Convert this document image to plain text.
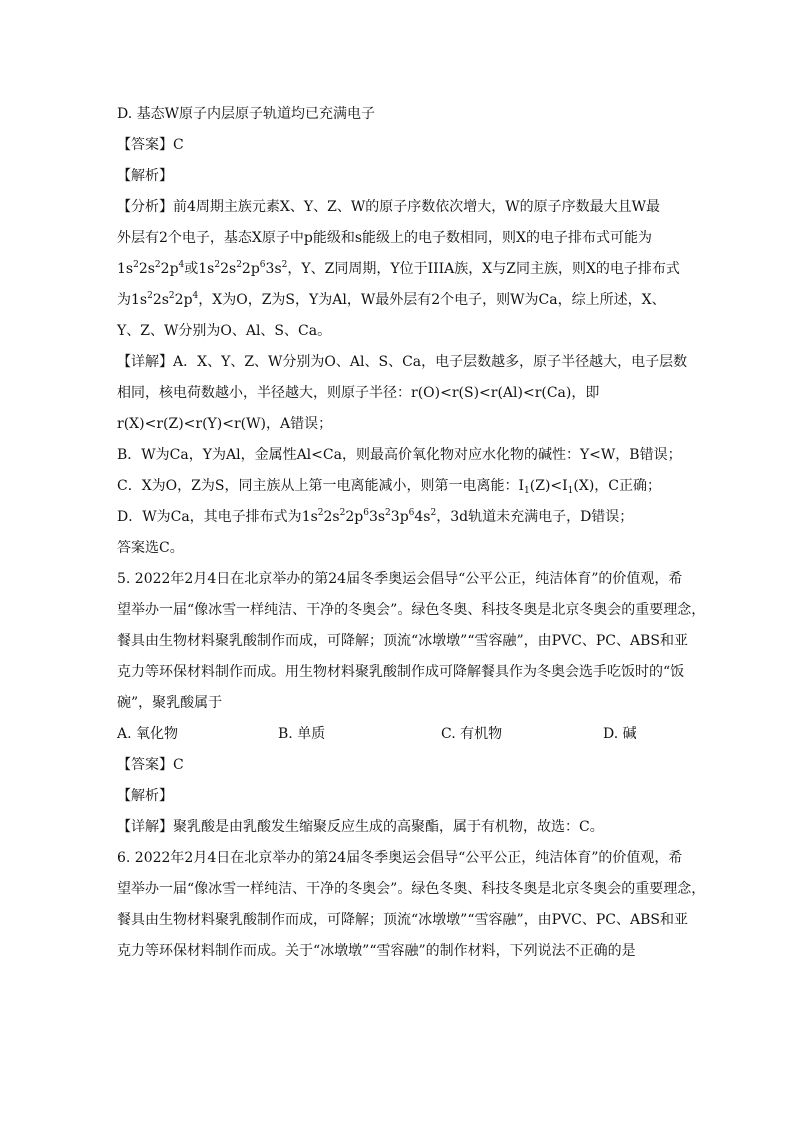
D. 基态W原子内层原子轨道均已充满电子
【答案】C
【解析】
【分析】前4周期主族元素X、Y、Z、W的原子序数依次增大，W的原子序数最大且W最
外层有2个电子，基态X原子中p能级和s能级上的电子数相同，则X的电子排布式可能为
$1s^22s^22p^4$或$1s^22s^22p^63s^2$，Y、Z同周期，Y位于IIIA族，X与Z同主族，则X的电子排布式
为$1s^22s^22p^4$，X为O，Z为S，Y为Al，W最外层有2个电子，则W为Ca，综上所述，X、
Y、Z、W分别为O、Al、S、Ca。
【详解】A．X、Y、Z、W分别为O、Al、S、Ca，电子层数越多，原子半径越大，电子层数
相同，核电荷数越小，半径越大，则原子半径：r(O)<r(S)<r(Al)<r(Ca)，即
r(X)<r(Z)<r(Y)<r(W)，A错误；
B．W为Ca，Y为Al，金属性Al<Ca，则最高价氧化物对应水化物的碱性：Y<W，B错误；
C．X为O，Z为S，同主族从上第一电离能减小，则第一电离能：$I_1(Z)<I_1(X)$，C正确；
D．W为Ca，其电子排布式为$1s^22s^22p^63s^23p^64s^2$，3d轨道未充满电子，D错误；
答案选C。
5. 2022年2月4日在北京举办的第24届冬季奥运会倡导“公平公正，纯洁体育”的价值观，希
望举办一届“像冰雪一样纯洁、干净的冬奥会”。绿色冬奥、科技冬奥是北京冬奥会的重要理念，
餐具由生物材料聚乳酸制作而成，可降解；顶流“冰墩墩”“雪容融”，由PVC、PC、ABS和亚
克力等环保材料制作而成。用生物材料聚乳酸制作成可降解餐具作为冬奥会选手吃饭时的“饭
碗”，聚乳酸属于
A. 氧化物	B. 单质	C. 有机物	D. 碱
【答案】C
【解析】
【详解】聚乳酸是由乳酸发生缩聚反应生成的高聚酯，属于有机物，故选：C。
6. 2022年2月4日在北京举办的第24届冬季奥运会倡导“公平公正，纯洁体育”的价值观，希
望举办一届“像冰雪一样纯洁、干净的冬奥会”。绿色冬奥、科技冬奥是北京冬奥会的重要理念，
餐具由生物材料聚乳酸制作而成，可降解；顶流“冰墩墩”“雪容融”，由PVC、PC、ABS和亚
克力等环保材料制作而成。关于“冰墩墩”“雪容融”的制作材料，下列说法不正确的是
